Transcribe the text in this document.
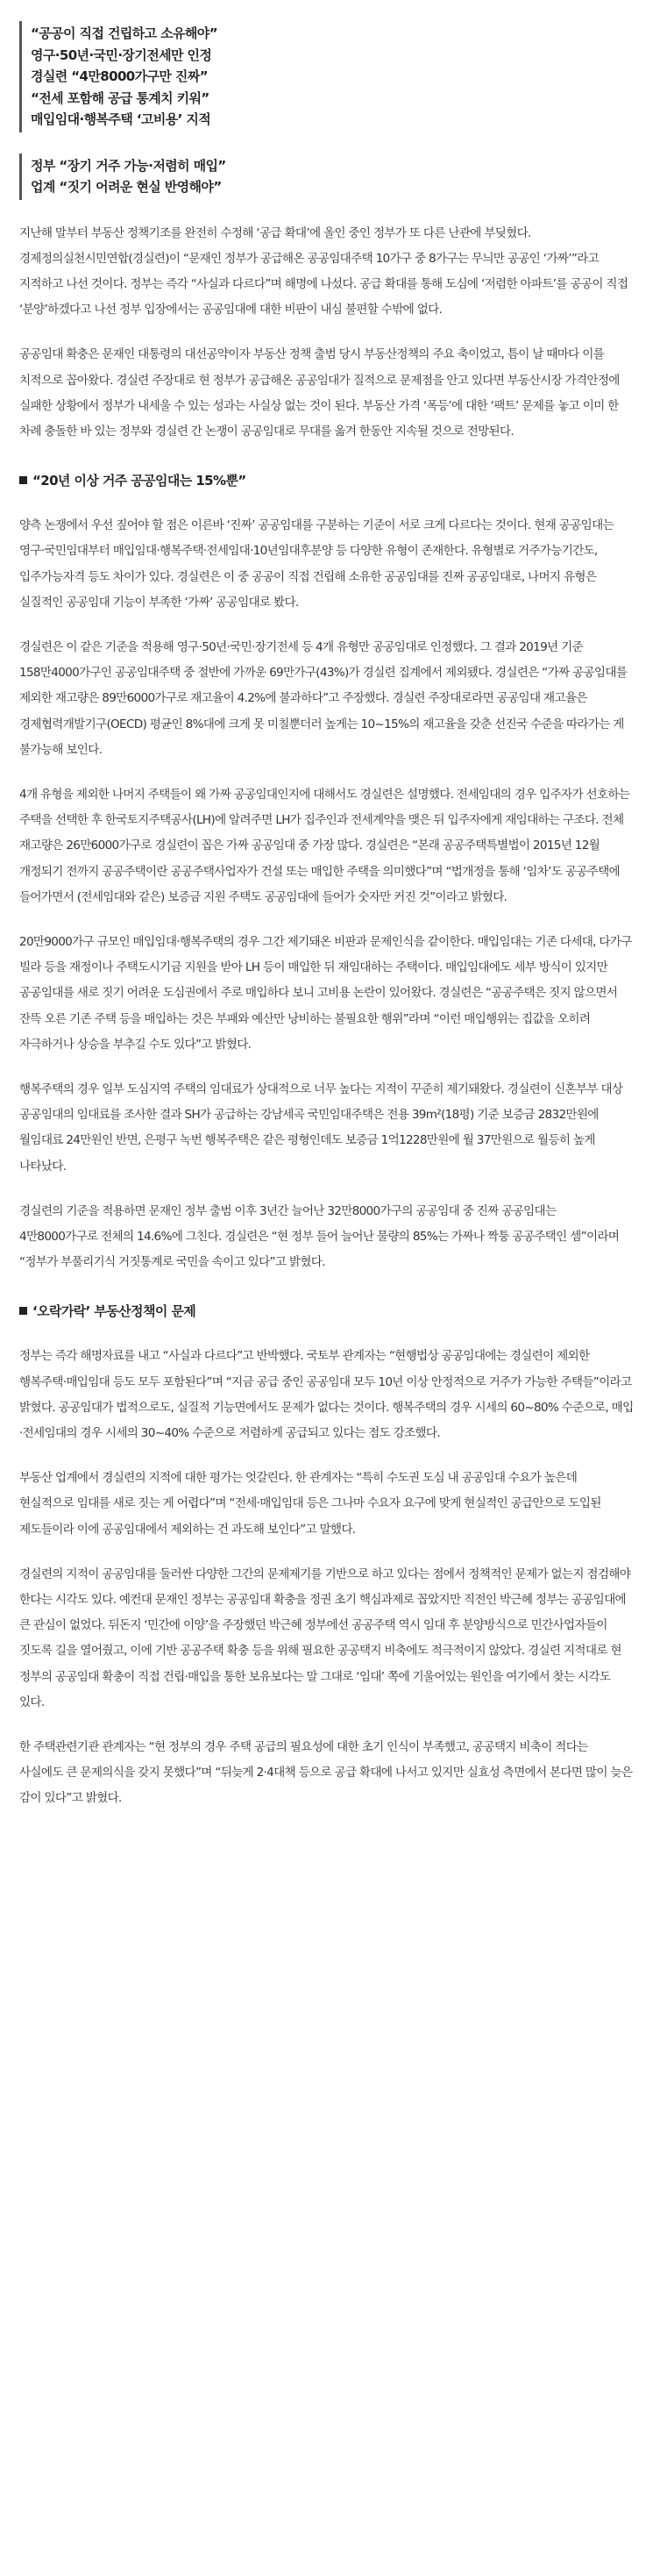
“공공이 직접 건립하고 소유해야”

영구·50년·국민·장기전세만 인정

경실련 “4만8000가구만 진짜”

“전세 포함해 공급 통계치 키워”

매입임대·행복주택 ‘고비용’ 지적

정부 “장기 거주 가능·저렴히 매입”

업계 “짓기 어려운 현실 반영해야”

지난해 말부터 부동산 정책기조를 완전히 수정해 ‘공급 확대’에 올인 중인 정부가 또 다른 난관에 부딪혔다. 경제정의실천시민연합(경실련)이 “문재인 정부가 공급해온 공공임대주택 10가구 중 8가구는 무늬만 공공인 ‘가짜’”라고 지적하고 나선 것이다. 정부는 즉각 “사실과 다르다”며 해명에 나섰다. 공급 확대를 통해 도심에 ‘저렴한 아파트’를 공공이 직접 ‘분양’하겠다고 나선 정부 입장에서는 공공임대에 대한 비판이 내심 불편할 수밖에 없다.

공공임대 확충은 문재인 대통령의 대선공약이자 부동산 정책 출범 당시 부동산정책의 주요 축이었고, 틈이 날 때마다 이를 치적으로 꼽아왔다. 경실련 주장대로 현 정부가 공급해온 공공임대가 질적으로 문제점을 안고 있다면 부동산시장 가격안정에 실패한 상황에서 정부가 내세울 수 있는 성과는 사실상 없는 것이 된다. 부동산 가격 ‘폭등’에 대한 ‘팩트’ 문제를 놓고 이미 한 차례 충돌한 바 있는 정부와 경실련 간 논쟁이 공공임대로 무대를 옮겨 한동안 지속될 것으로 전망된다.

“20년 이상 거주 공공임대는 15%뿐”

양측 논쟁에서 우선 짚어야 할 점은 이른바 ‘진짜’ 공공임대를 구분하는 기준이 서로 크게 다르다는 것이다. 현재 공공임대는 영구·국민임대부터 매입임대·행복주택·전세임대·10년임대후분양 등 다양한 유형이 존재한다. 유형별로 거주가능기간도, 입주가능자격 등도 차이가 있다. 경실련은 이 중 공공이 직접 건립해 소유한 공공임대를 진짜 공공임대로, 나머지 유형은 실질적인 공공임대 기능이 부족한 ‘가짜’ 공공임대로 봤다.

경실련은 이 같은 기준을 적용해 영구·50년·국민·장기전세 등 4개 유형만 공공임대로 인정했다. 그 결과 2019년 기준 158만4000가구인 공공임대주택 중 절반에 가까운 69만가구(43%)가 경실련 집계에서 제외됐다. 경실련은 “가짜 공공임대를 제외한 재고량은 89만6000가구로 재고율이 4.2%에 불과하다”고 주장했다. 경실련 주장대로라면 공공임대 재고율은 경제협력개발기구(OECD) 평균인 8%대에 크게 못 미칠뿐더러 높게는 10~15%의 재고율을 갖춘 선진국 수준을 따라가는 게 불가능해 보인다.

4개 유형을 제외한 나머지 주택들이 왜 가짜 공공임대인지에 대해서도 경실련은 설명했다. 전세임대의 경우 입주자가 선호하는 주택을 선택한 후 한국토지주택공사(LH)에 알려주면 LH가 집주인과 전세계약을 맺은 뒤 입주자에게 재임대하는 구조다. 전체 재고량은 26만6000가구로 경실련이 꼽은 가짜 공공임대 중 가장 많다. 경실련은 “본래 공공주택특별법이 2015년 12월 개정되기 전까지 공공주택이란 공공주택사업자가 건설 또는 매입한 주택을 의미했다”며 “법개정을 통해 ‘임차’도 공공주택에 들어가면서 (전세임대와 같은) 보증금 지원 주택도 공공임대에 들어가 숫자만 커진 것”이라고 밝혔다.

20만9000가구 규모인 매입임대·행복주택의 경우 그간 제기돼온 비판과 문제인식을 같이한다. 매입임대는 기존 다세대, 다가구 빌라 등을 재정이나 주택도시기금 지원을 받아 LH 등이 매입한 뒤 재임대하는 주택이다. 매입임대에도 세부 방식이 있지만 공공임대를 새로 짓기 어려운 도심권에서 주로 매입하다 보니 고비용 논란이 있어왔다. 경실련은 “공공주택은 짓지 않으면서 잔뜩 오른 기존 주택 등을 매입하는 것은 부패와 예산만 낭비하는 불필요한 행위”라며 “이런 매입행위는 집값을 오히려 자극하거나 상승을 부추길 수도 있다”고 밝혔다.

행복주택의 경우 일부 도심지역 주택의 임대료가 상대적으로 너무 높다는 지적이 꾸준히 제기돼왔다. 경실련이 신혼부부 대상 공공임대의 임대료를 조사한 결과 SH가 공급하는 강남세곡 국민임대주택은 전용 39m²(18평) 기준 보증금 2832만원에 월임대료 24만원인 반면, 은평구 녹번 행복주택은 같은 평형인데도 보증금 1억1228만원에 월 37만원으로 월등히 높게 나타났다.

경실련의 기준을 적용하면 문재인 정부 출범 이후 3년간 늘어난 32만8000가구의 공공임대 중 진짜 공공임대는 4만8000가구로 전체의 14.6%에 그친다. 경실련은 “현 정부 들어 늘어난 물량의 85%는 가짜나 짝퉁 공공주택인 셈”이라며 “정부가 부풀리기식 거짓통계로 국민을 속이고 있다”고 밝혔다.

‘오락가락’ 부동산정책이 문제

정부는 즉각 해명자료를 내고 “사실과 다르다”고 반박했다. 국토부 관계자는 “현행법상 공공임대에는 경실련이 제외한 행복주택·매입임대 등도 모두 포함된다”며 “지금 공급 중인 공공임대 모두 10년 이상 안정적으로 거주가 가능한 주택들”이라고 밝혔다. 공공임대가 법적으로도, 실질적 기능면에서도 문제가 없다는 것이다. 행복주택의 경우 시세의 60~80% 수준으로, 매입·전세임대의 경우 시세의 30~40% 수준으로 저렴하게 공급되고 있다는 점도 강조했다.

부동산 업계에서 경실련의 지적에 대한 평가는 엇갈린다. 한 관계자는 “특히 수도권 도심 내 공공임대 수요가 높은데 현실적으로 임대를 새로 짓는 게 어렵다”며 “전세·매입임대 등은 그나마 수요자 요구에 맞게 현실적인 공급안으로 도입된 제도들이라 이에 공공임대에서 제외하는 건 과도해 보인다”고 말했다.

경실련의 지적이 공공임대를 둘러싼 다양한 그간의 문제제기를 기반으로 하고 있다는 점에서 정책적인 문제가 없는지 점검해야 한다는 시각도 있다. 예컨대 문재인 정부는 공공임대 확충을 정권 초기 핵심과제로 꼽았지만 직전인 박근혜 정부는 공공임대에 큰 관심이 없었다. 뒤돈지 ‘민간에 이양’을 주장했던 박근혜 정부에선 공공주택 역시 임대 후 분양방식으로 민간사업자들이 짓도록 길을 열어줬고, 이에 기반 공공주택 확충 등을 위해 필요한 공공택지 비축에도 적극적이지 않았다. 경실련 지적대로 현 정부의 공공임대 확충이 직접 건립·매입을 통한 보유보다는 말 그대로 ‘임대’ 쪽에 기울어있는 원인을 여기에서 찾는 시각도 있다.

한 주택관련기관 관계자는 “현 정부의 경우 주택 공급의 필요성에 대한 초기 인식이 부족했고, 공공택지 비축이 적다는 사실에도 큰 문제의식을 갖지 못했다”며 “뒤늦게 2·4대책 등으로 공급 확대에 나서고 있지만 실효성 측면에서 본다면 많이 늦은 감이 있다”고 밝혔다.
